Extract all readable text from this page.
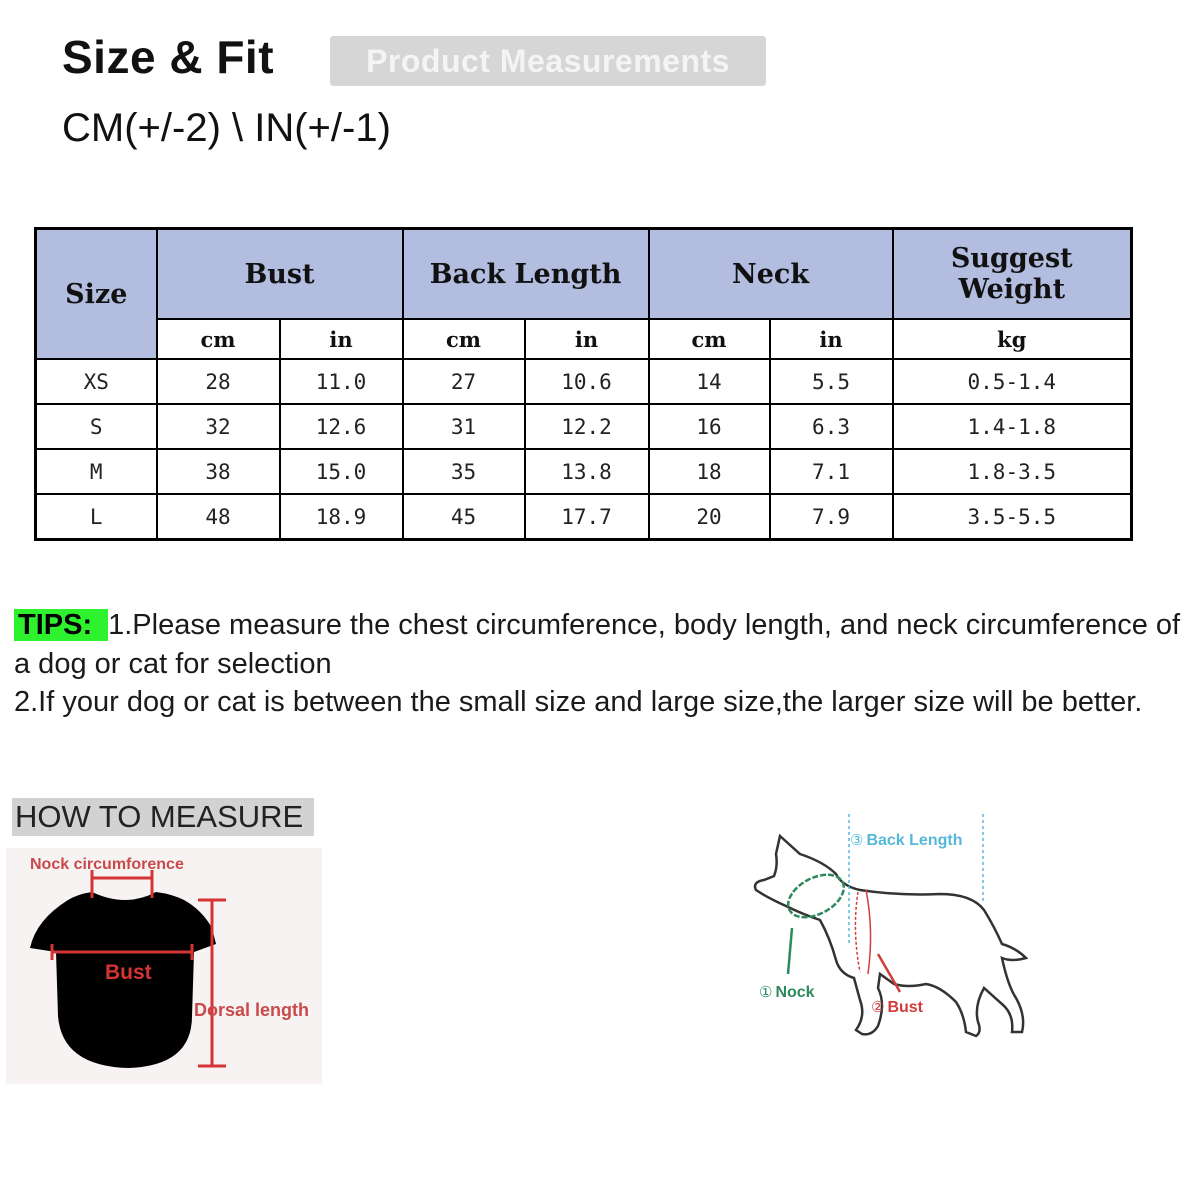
Size & Fit	Product Measurements
CM(+/-2) \ IN(+/-1)
Size	Bust		Back Length		Neck		Suggest Weight
	cm	in	cm	in	cm	in	kg
XS	28	11.0	27	10.6	14	5.5	0.5-1.4
S	32	12.6	31	12.2	16	6.3	1.4-1.8
M	38	15.0	35	13.8	18	7.1	1.8-3.5
L	48	18.9	45	17.7	20	7.9	3.5-5.5
TIPS: 1.Please measure the chest circumference, body length, and neck circumference of a dog or cat for selection
2.If your dog or cat is between the small size and large size,the larger size will be better.
HOW TO MEASURE
Nock circumforence
Bust
Dorsal length
③ Back Length
① Nock
② Bust
